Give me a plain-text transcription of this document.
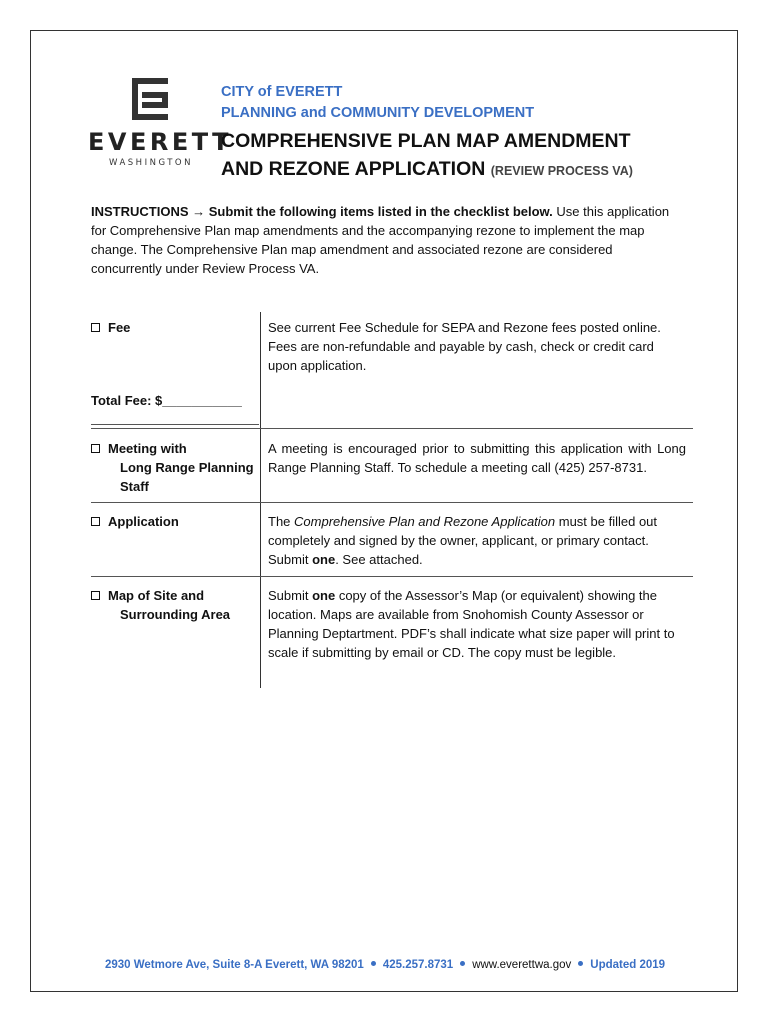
EVERETT
WASHINGTON
CITY of EVERETT
PLANNING and COMMUNITY DEVELOPMENT
COMPREHENSIVE PLAN MAP AMENDMENT
AND REZONE APPLICATION (REVIEW PROCESS VA)
INSTRUCTIONS → Submit the following items listed in the checklist below. Use this application for Comprehensive Plan map amendments and the accompanying rezone to implement the map change. The Comprehensive Plan map amendment and associated rezone are considered concurrently under Review Process VA.
Fee	See current Fee Schedule for SEPA and Rezone fees posted online. Fees are non-refundable and payable by cash, check or credit card upon application.
Total Fee: $___________
Meeting with
Long Range Planning
Staff
A meeting is encouraged prior to submitting this application with Long Range Planning Staff. To schedule a meeting call (425) 257-8731.
Application	The Comprehensive Plan and Rezone Application must be filled out completely and signed by the owner, applicant, or primary contact. Submit one. See attached.
Map of Site and
Surrounding Area
Submit one copy of the Assessor’s Map (or equivalent) showing the location. Maps are available from Snohomish County Assessor or Planning Deptartment. PDF’s shall indicate what size paper will print to scale if submitting by email or CD. The copy must be legible.
2930 Wetmore Ave, Suite 8-A Everett, WA 98201 425.257.8731 www.everettwa.gov Updated 2019
